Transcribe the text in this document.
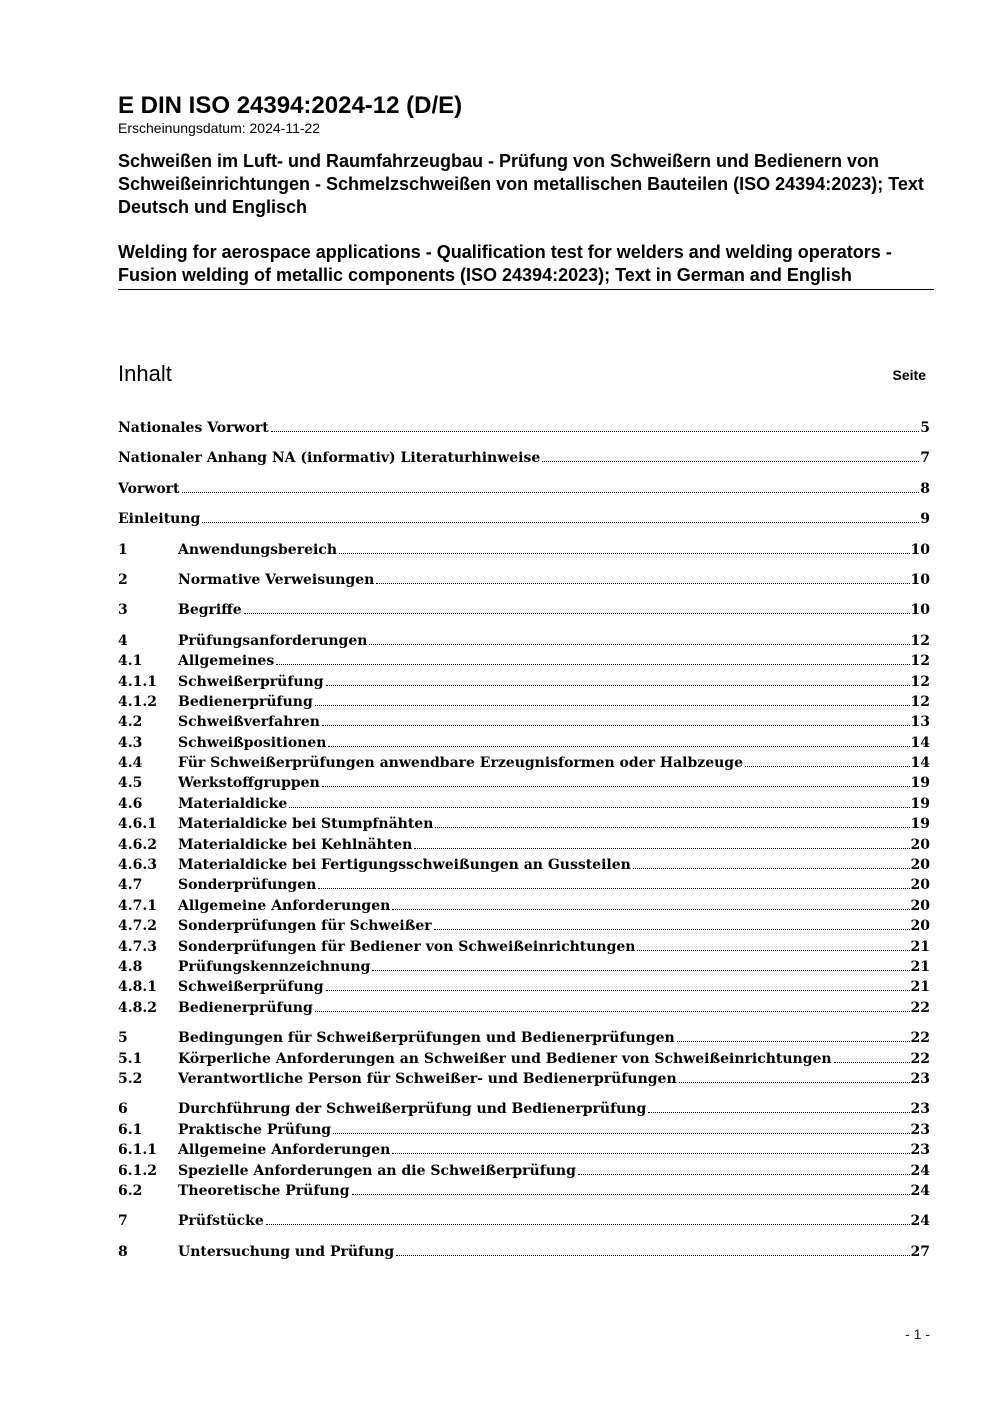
E DIN ISO 24394:2024-12 (D/E)

Erscheinungsdatum: 2024-11-22

Schweißen im Luft- und Raumfahrzeugbau - Prüfung von Schweißern und Bedienern von Schweißeinrichtungen - Schmelzschweißen von metallischen Bauteilen (ISO 24394:2023); Text Deutsch und Englisch

Welding for aerospace applications - Qualification test for welders and welding operators - Fusion welding of metallic components (ISO 24394:2023); Text in German and English

Inhalt	Seite
Nationales Vorwort	5
Nationaler Anhang NA (informativ) Literaturhinweise	7
Vorwort	8
Einleitung	9
1	Anwendungsbereich	10
2	Normative Verweisungen	10
3	Begriffe	10
4	Prüfungsanforderungen	12
4.1	Allgemeines	12
4.1.1	Schweißerprüfung	12
4.1.2	Bedienerprüfung	12
4.2	Schweißverfahren	13
4.3	Schweißpositionen	14
4.4	Für Schweißerprüfungen anwendbare Erzeugnisformen oder Halbzeuge	14
4.5	Werkstoffgruppen	19
4.6	Materialdicke	19
4.6.1	Materialdicke bei Stumpfnähten	19
4.6.2	Materialdicke bei Kehlnähten	20
4.6.3	Materialdicke bei Fertigungsschweißungen an Gussteilen	20
4.7	Sonderprüfungen	20
4.7.1	Allgemeine Anforderungen	20
4.7.2	Sonderprüfungen für Schweißer	20
4.7.3	Sonderprüfungen für Bediener von Schweißeinrichtungen	21
4.8	Prüfungskennzeichnung	21
4.8.1	Schweißerprüfung	21
4.8.2	Bedienerprüfung	22
5	Bedingungen für Schweißerprüfungen und Bedienerprüfungen	22
5.1	Körperliche Anforderungen an Schweißer und Bediener von Schweißeinrichtungen	22
5.2	Verantwortliche Person für Schweißer- und Bedienerprüfungen	23
6	Durchführung der Schweißerprüfung und Bedienerprüfung	23
6.1	Praktische Prüfung	23
6.1.1	Allgemeine Anforderungen	23
6.1.2	Spezielle Anforderungen an die Schweißerprüfung	24
6.2	Theoretische Prüfung	24
7	Prüfstücke	24
8	Untersuchung und Prüfung	27
- 1 -
